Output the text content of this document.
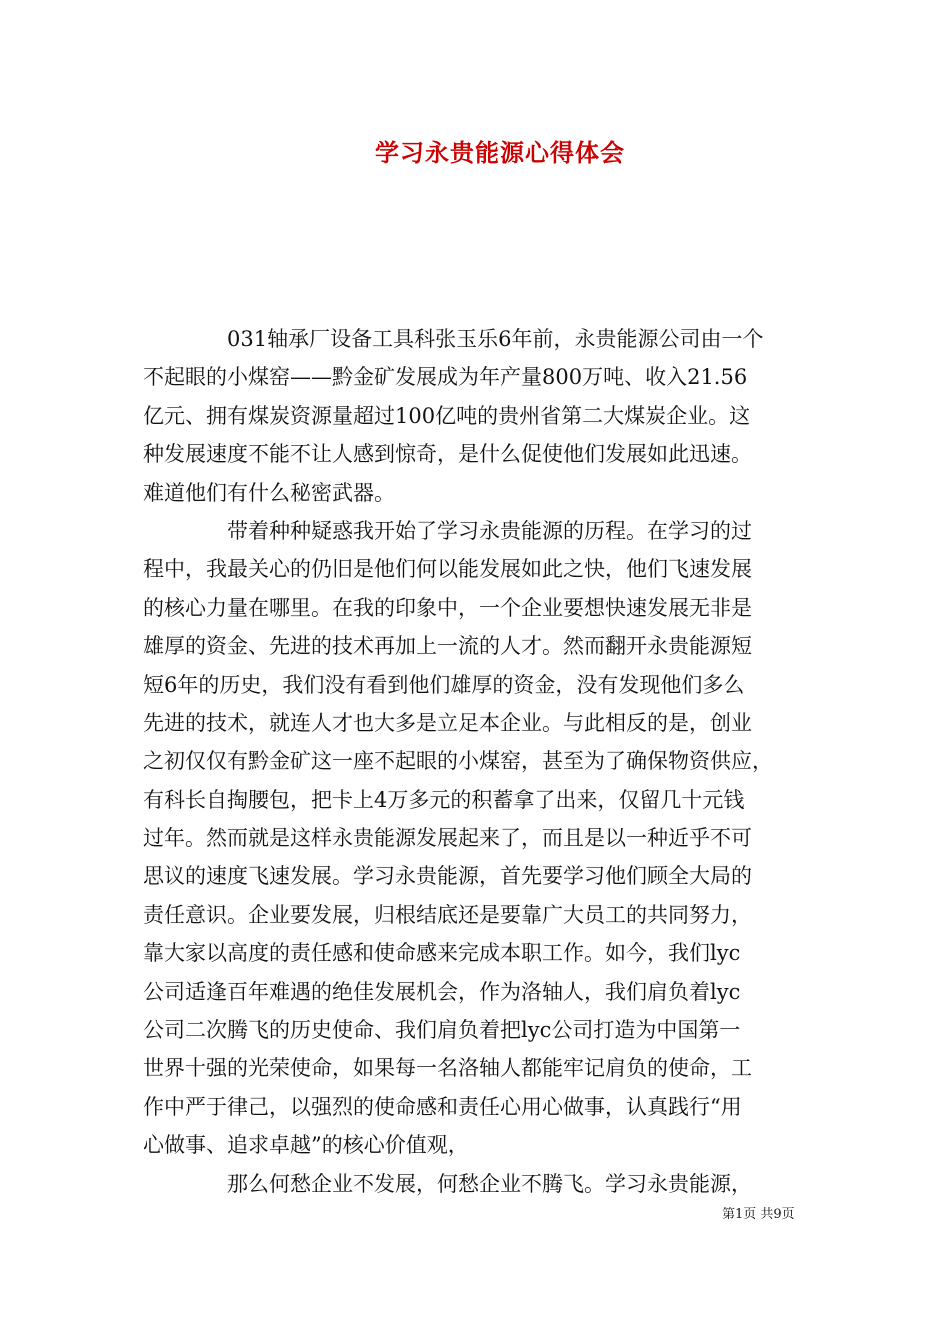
学习永贵能源心得体会
　　　　031轴承厂设备工具科张玉乐6年前，永贵能源公司由一个
不起眼的小煤窑——黔金矿发展成为年产量800万吨、收入21.56
亿元、拥有煤炭资源量超过100亿吨的贵州省第二大煤炭企业。这
种发展速度不能不让人感到惊奇，是什么促使他们发展如此迅速。
难道他们有什么秘密武器。
　　　　带着种种疑惑我开始了学习永贵能源的历程。在学习的过
程中，我最关心的仍旧是他们何以能发展如此之快，他们飞速发展
的核心力量在哪里。在我的印象中，一个企业要想快速发展无非是
雄厚的资金、先进的技术再加上一流的人才。然而翻开永贵能源短
短6年的历史，我们没有看到他们雄厚的资金，没有发现他们多么
先进的技术，就连人才也大多是立足本企业。与此相反的是，创业
之初仅仅有黔金矿这一座不起眼的小煤窑，甚至为了确保物资供应，
有科长自掏腰包，把卡上4万多元的积蓄拿了出来，仅留几十元钱
过年。然而就是这样永贵能源发展起来了，而且是以一种近乎不可
思议的速度飞速发展。学习永贵能源，首先要学习他们顾全大局的
责任意识。企业要发展，归根结底还是要靠广大员工的共同努力，
靠大家以高度的责任感和使命感来完成本职工作。如今，我们lyc
公司适逢百年难遇的绝佳发展机会，作为洛轴人，我们肩负着lyc
公司二次腾飞的历史使命、我们肩负着把lyc公司打造为中国第一
世界十强的光荣使命，如果每一名洛轴人都能牢记肩负的使命，工
作中严于律己，以强烈的使命感和责任心用心做事，认真践行“用
心做事、追求卓越”的核心价值观，
　　　　那么何愁企业不发展，何愁企业不腾飞。学习永贵能源，
第1页 共9页
